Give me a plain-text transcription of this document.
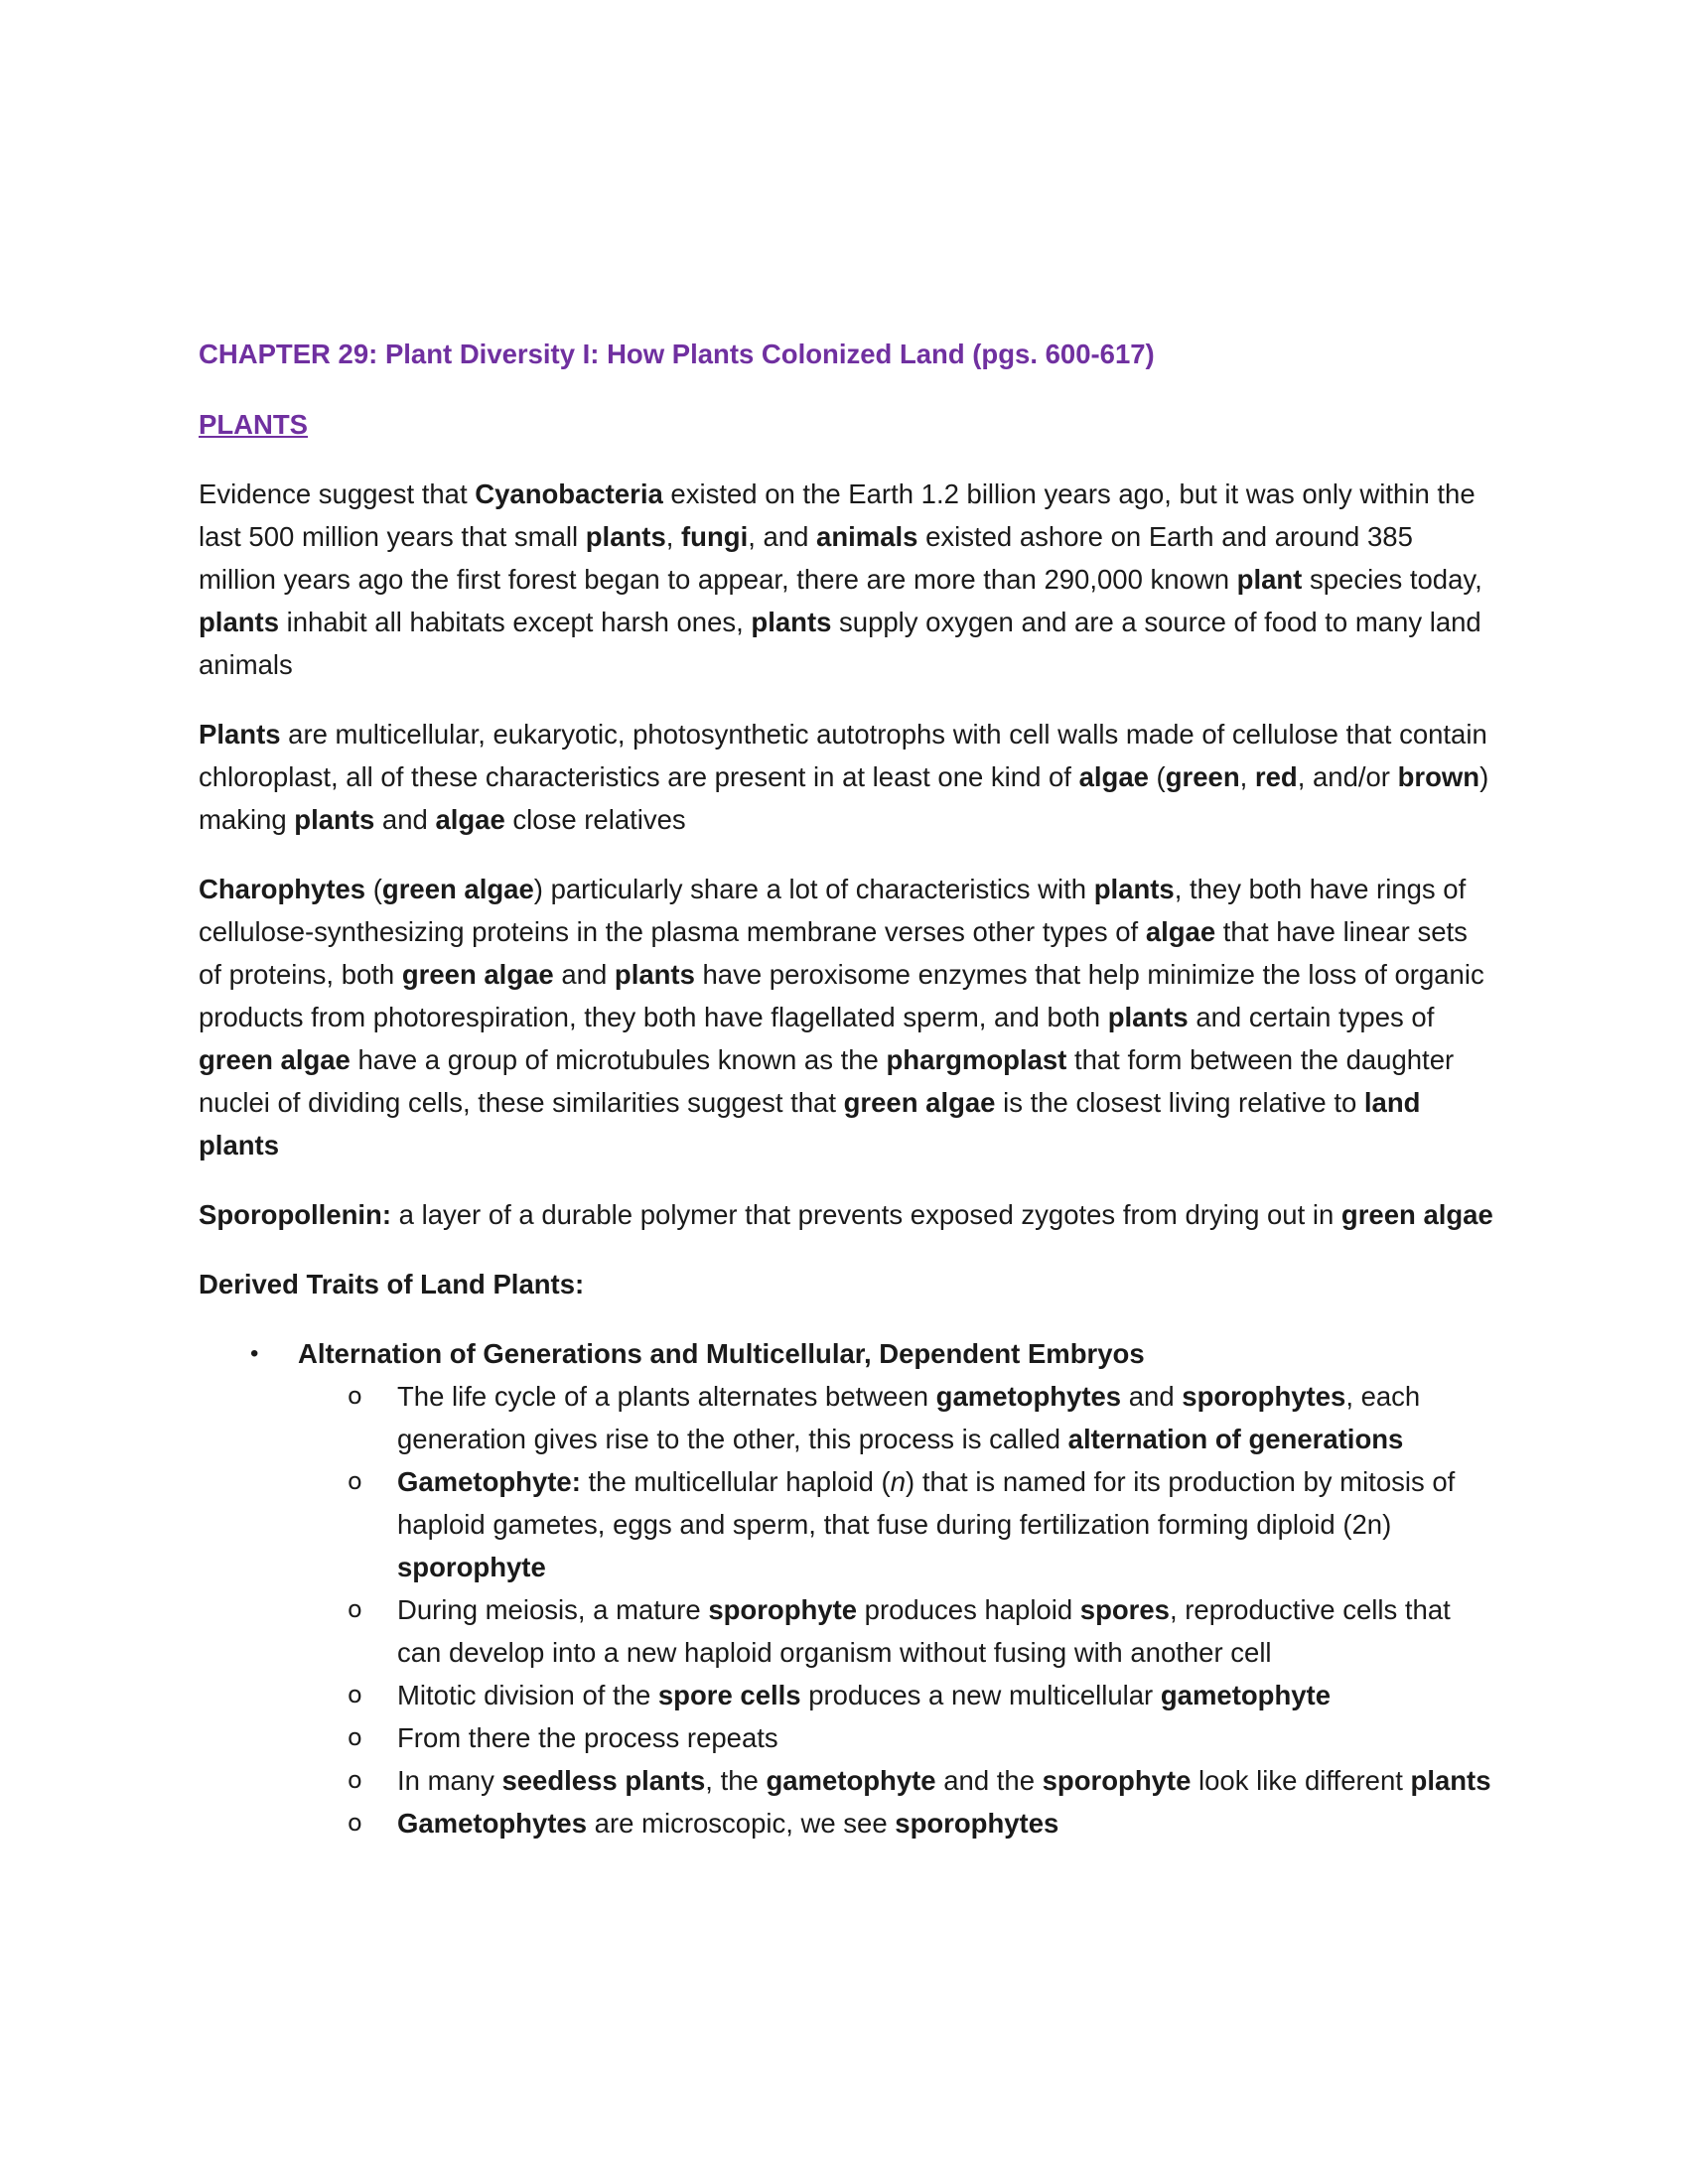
CHAPTER 29: Plant Diversity I: How Plants Colonized Land (pgs. 600-617)
PLANTS

Evidence suggest that Cyanobacteria existed on the Earth 1.2 billion years ago, but it was only within the last 500 million years that small plants, fungi, and animals existed ashore on Earth and around 385 million years ago the first forest began to appear, there are more than 290,000 known plant species today, plants inhabit all habitats except harsh ones, plants supply oxygen and are a source of food to many land animals

Plants are multicellular, eukaryotic, photosynthetic autotrophs with cell walls made of cellulose that contain chloroplast, all of these characteristics are present in at least one kind of algae (green, red, and/or brown) making plants and algae close relatives

Charophytes (green algae) particularly share a lot of characteristics with plants, they both have rings of cellulose-synthesizing proteins in the plasma membrane verses other types of algae that have linear sets of proteins, both green algae and plants have peroxisome enzymes that help minimize the loss of organic products from photorespiration, they both have flagellated sperm, and both plants and certain types of green algae have a group of microtubules known as the phargmoplast that form between the daughter nuclei of dividing cells, these similarities suggest that green algae is the closest living relative to land plants

Sporopollenin: a layer of a durable polymer that prevents exposed zygotes from drying out in green algae

Derived Traits of Land Plants:

• Alternation of Generations and Multicellular, Dependent Embryos
o The life cycle of a plants alternates between gametophytes and sporophytes, each generation gives rise to the other, this process is called alternation of generations
o Gametophyte: the multicellular haploid (n) that is named for its production by mitosis of haploid gametes, eggs and sperm, that fuse during fertilization forming diploid (2n) sporophyte
o During meiosis, a mature sporophyte produces haploid spores, reproductive cells that can develop into a new haploid organism without fusing with another cell
o Mitotic division of the spore cells produces a new multicellular gametophyte
o From there the process repeats
o In many seedless plants, the gametophyte and the sporophyte look like different plants
o Gametophytes are microscopic, we see sporophytes
